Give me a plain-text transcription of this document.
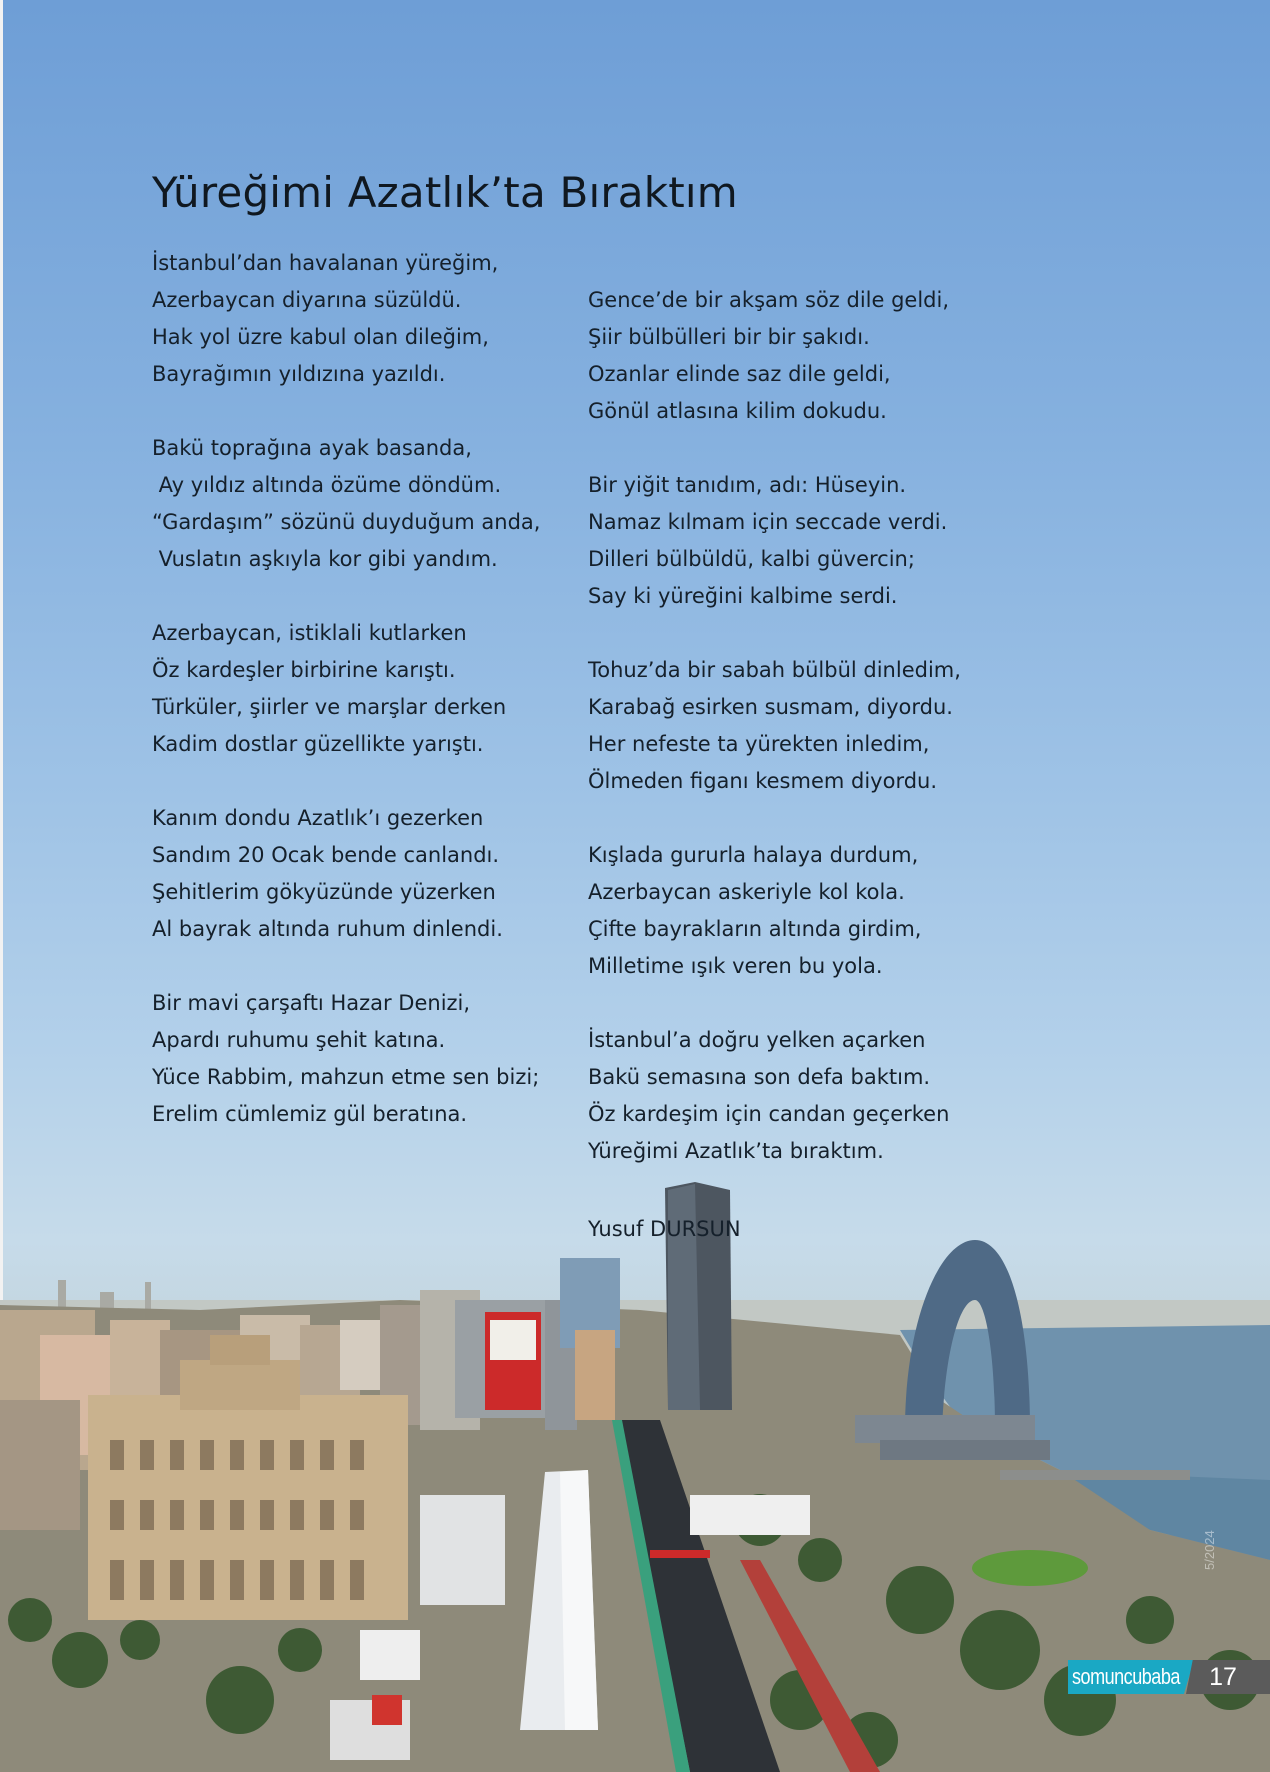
Yüreğimi Azatlık’ta Bıraktım
İstanbul’dan havalanan yüreğim,
Azerbaycan diyarına süzüldü.
Hak yol üzre kabul olan dileğim,
Bayrağımın yıldızına yazıldı.
Bakü toprağına ayak basanda,
Ay yıldız altında özüme döndüm.
“Gardaşım” sözünü duyduğum anda,
Vuslatın aşkıyla kor gibi yandım.
Azerbaycan, istiklali kutlarken
Öz kardeşler birbirine karıştı.
Türküler, şiirler ve marşlar derken
Kadim dostlar güzellikte yarıştı.
Kanım dondu Azatlık’ı gezerken
Sandım 20 Ocak bende canlandı.
Şehitlerim gökyüzünde yüzerken
Al bayrak altında ruhum dinlendi.
Bir mavi çarşaftı Hazar Denizi,
Apardı ruhumu şehit katına.
Yüce Rabbim, mahzun etme sen bizi;
Erelim cümlemiz gül beratına.
Gence’de bir akşam söz dile geldi,
Şiir bülbülleri bir bir şakıdı.
Ozanlar elinde saz dile geldi,
Gönül atlasına kilim dokudu.
Bir yiğit tanıdım, adı: Hüseyin.
Namaz kılmam için seccade verdi.
Dilleri bülbüldü, kalbi güvercin;
Say ki yüreğini kalbime serdi.
Tohuz’da bir sabah bülbül dinledim,
Karabağ esirken susmam, diyordu.
Her nefeste ta yürekten inledim,
Ölmeden figanı kesmem diyordu.
Kışlada gururla halaya durdum,
Azerbaycan askeriyle kol kola.
Çifte bayrakların altında girdim,
Milletime ışık veren bu yola.
İstanbul’a doğru yelken açarken
Bakü semasına son defa baktım.
Öz kardeşim için candan geçerken
Yüreğimi Azatlık’ta bıraktım.
Yusuf DURSUN
5/2024
somuncubaba	17
